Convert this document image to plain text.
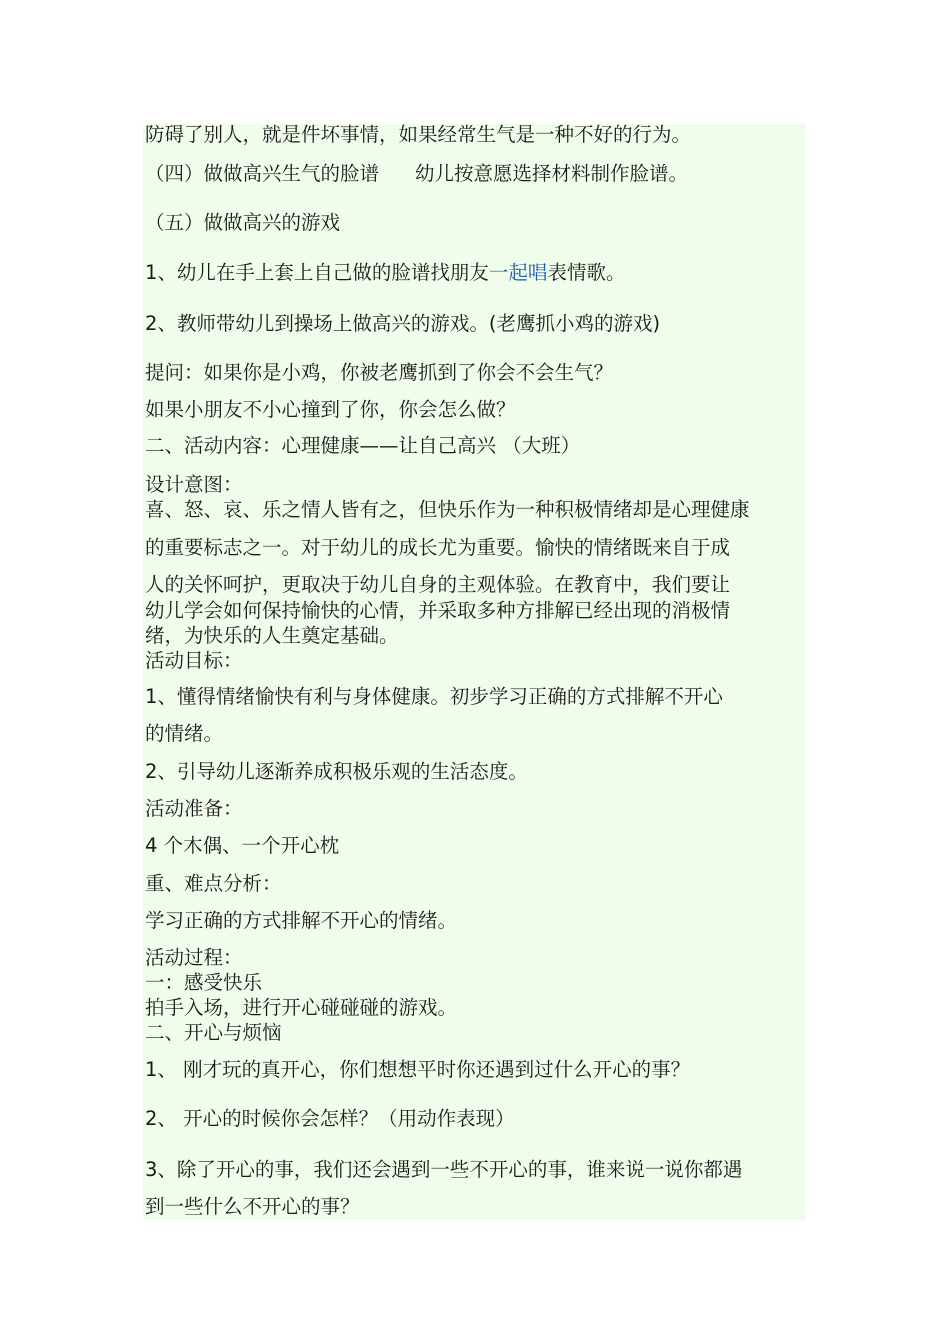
防碍了别人，就是件坏事情，如果经常生气是一种不好的行为。
（四）做做高兴生气的脸谱 幼儿按意愿选择材料制作脸谱。
（五）做做高兴的游戏
1、幼儿在手上套上自己做的脸谱找朋友一起唱表情歌。
2、教师带幼儿到操场上做高兴的游戏。(老鹰抓小鸡的游戏)
提问：如果你是小鸡，你被老鹰抓到了你会不会生气？
如果小朋友不小心撞到了你，你会怎么做？
二、活动内容：心理健康——让自己高兴 （大班）
设计意图：
喜、怒、哀、乐之情人皆有之，但快乐作为一种积极情绪却是心理健康
的重要标志之一。对于幼儿的成长尤为重要。愉快的情绪既来自于成
人的关怀呵护，更取决于幼儿自身的主观体验。在教育中，我们要让
幼儿学会如何保持愉快的心情，并采取多种方排解已经出现的消极情
绪，为快乐的人生奠定基础。
活动目标：
1、懂得情绪愉快有利与身体健康。初步学习正确的方式排解不开心
的情绪。
2、引导幼儿逐渐养成积极乐观的生活态度。
活动准备：
4 个木偶、一个开心枕
重、难点分析：
学习正确的方式排解不开心的情绪。
活动过程：
一：感受快乐
拍手入场，进行开心碰碰碰的游戏。
二、开心与烦恼
1、 刚才玩的真开心，你们想想平时你还遇到过什么开心的事？
2、 开心的时候你会怎样？（用动作表现）
3、除了开心的事，我们还会遇到一些不开心的事，谁来说一说你都遇
到一些什么不开心的事？
